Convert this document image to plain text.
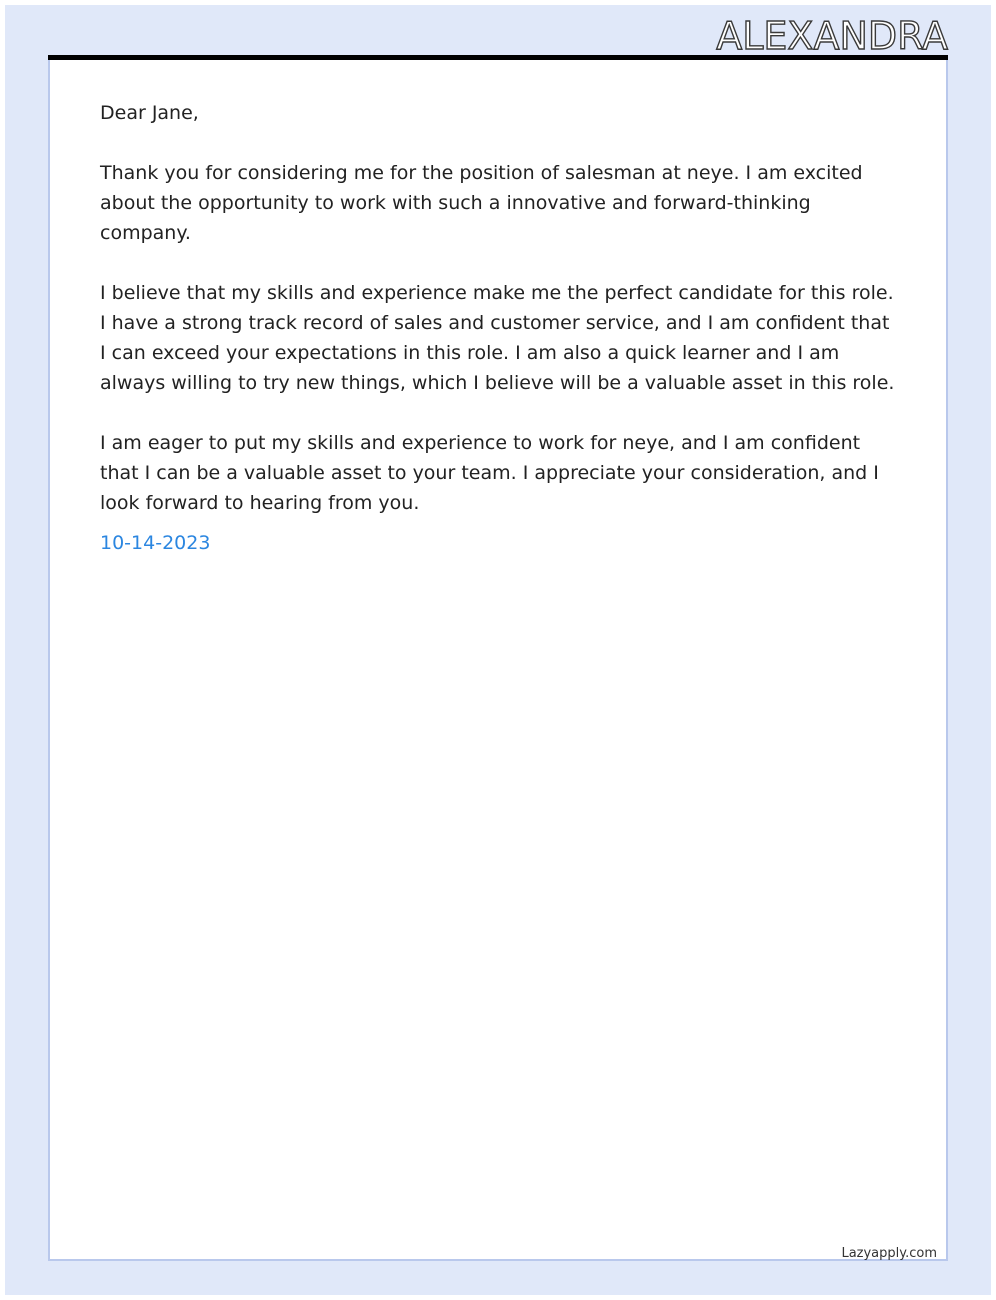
ALEXANDRA

Dear Jane,

Thank you for considering me for the position of salesman at neye. I am excited about the opportunity to work with such a innovative and forward-thinking company.

I believe that my skills and experience make me the perfect candidate for this role. I have a strong track record of sales and customer service, and I am confident that I can exceed your expectations in this role. I am also a quick learner and I am always willing to try new things, which I believe will be a valuable asset in this role.

I am eager to put my skills and experience to work for neye, and I am confident that I can be a valuable asset to your team. I appreciate your consideration, and I look forward to hearing from you.

10-14-2023
Lazyapply.com
